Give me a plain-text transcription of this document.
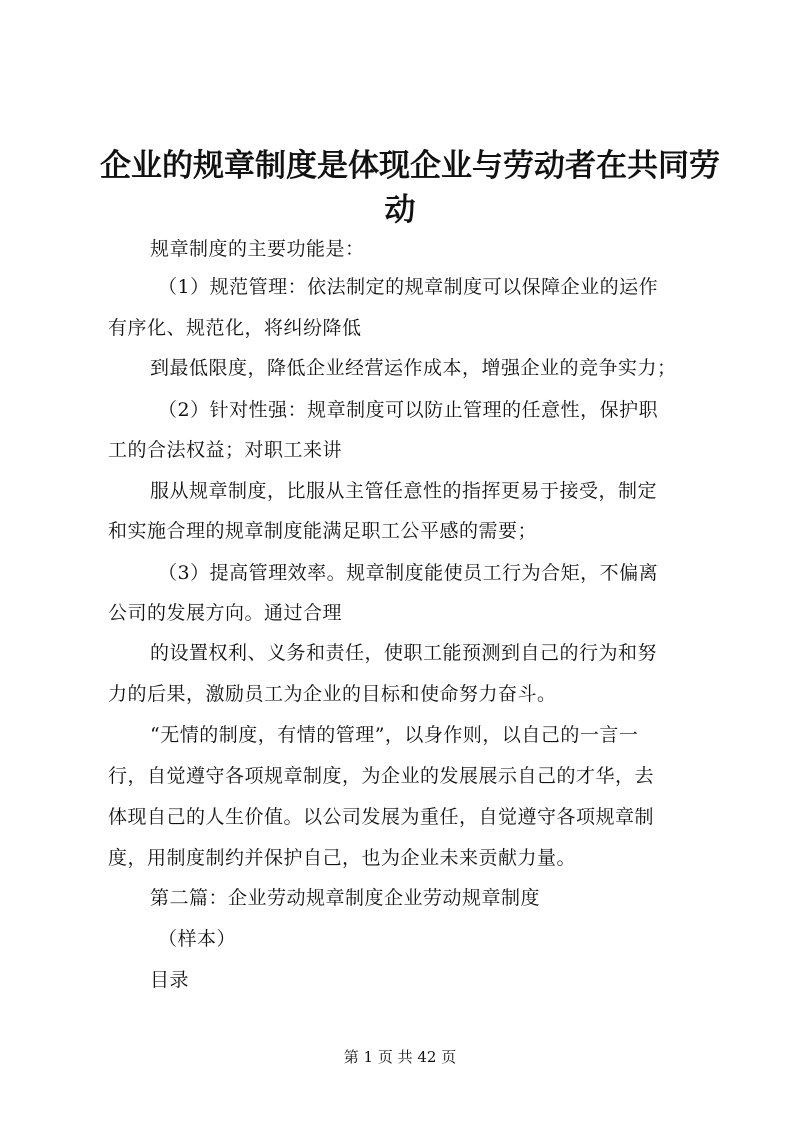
企业的规章制度是体现企业与劳动者在共同劳
动
规章制度的主要功能是：
（1）规范管理：依法制定的规章制度可以保障企业的运作
有序化、规范化，将纠纷降低
到最低限度，降低企业经营运作成本，增强企业的竞争实力；
（2）针对性强：规章制度可以防止管理的任意性，保护职
工的合法权益；对职工来讲
服从规章制度，比服从主管任意性的指挥更易于接受，制定
和实施合理的规章制度能满足职工公平感的需要；
（3）提高管理效率。规章制度能使员工行为合矩，不偏离
公司的发展方向。通过合理
的设置权利、义务和责任，使职工能预测到自己的行为和努
力的后果，激励员工为企业的目标和使命努力奋斗。
“无情的制度，有情的管理”，以身作则，以自己的一言一
行，自觉遵守各项规章制度，为企业的发展展示自己的才华，去
体现自己的人生价值。以公司发展为重任，自觉遵守各项规章制
度，用制度制约并保护自己，也为企业未来贡献力量。
第二篇：企业劳动规章制度企业劳动规章制度
（样本）
目录
第 1 页 共 42 页
